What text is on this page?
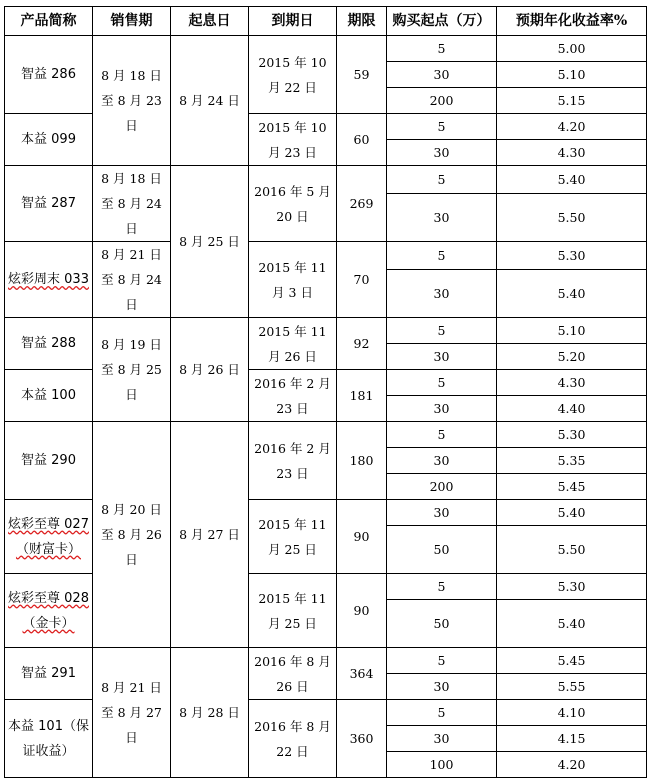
产品简称	销售期	起息日	到期日	期限	购买起点（万）	预期年化收益率%
智益 286	8 月 18 日至 8 月 23 日	8 月 24 日	2015 年 10 月 22 日	59	5	5.00
					30	5.10
					200	5.15
本益 099			2015 年 10 月 23 日	60	5	4.20
					30	4.30
智益 287	8 月 18 日至 8 月 24 日	8 月 25 日	2016 年 5 月 20 日	269	5	5.40
					30	5.50
炫彩周末 033	8 月 21 日至 8 月 24 日		2015 年 11 月 3 日	70	5	5.30
					30	5.40
智益 288	8 月 19 日至 8 月 25 日	8 月 26 日	2015 年 11 月 26 日	92	5	5.10
					30	5.20
本益 100			2016 年 2 月 23 日	181	5	4.30
					30	4.40
智益 290	8 月 20 日至 8 月 26 日	8 月 27 日	2016 年 2 月 23 日	180	5	5.30
					30	5.35
					200	5.45
炫彩至尊 027（财富卡）			2015 年 11 月 25 日	90	30	5.40
					50	5.50
炫彩至尊 028（金卡）			2015 年 11 月 25 日	90	5	5.30
					50	5.40
智益 291	8 月 21 日至 8 月 27 日	8 月 28 日	2016 年 8 月 26 日	364	5	5.45
					30	5.55
本益 101（保证收益）			2016 年 8 月 22 日	360	5	4.10
					30	4.15
					100	4.20
